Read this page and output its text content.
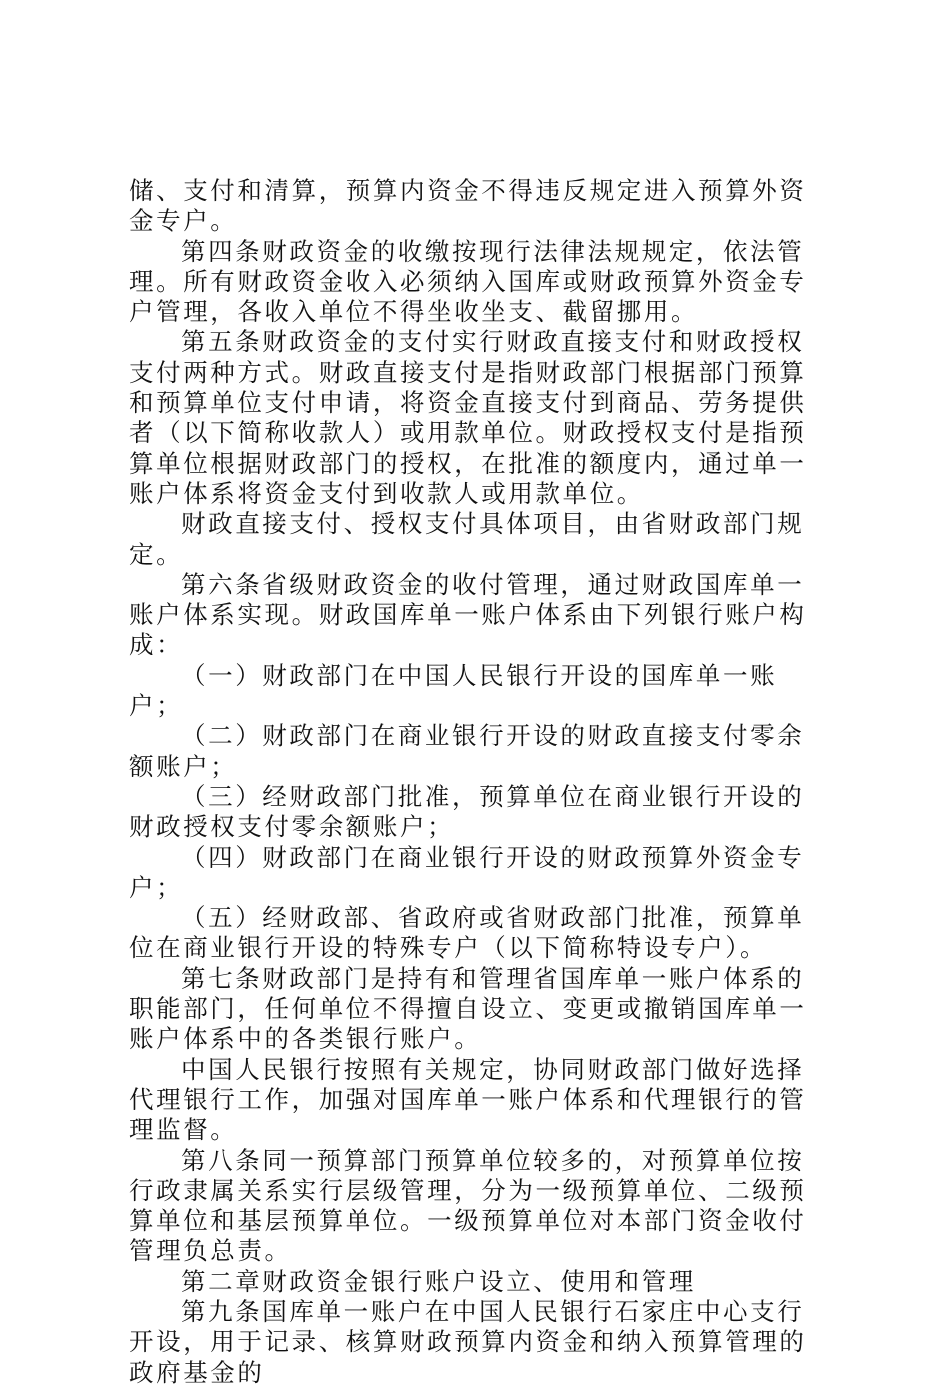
储、支付和清算，预算内资金不得违反规定进入预算外资金专户。

第四条财政资金的收缴按现行法律法规规定，依法管理。所有财政资金收入必须纳入国库或财政预算外资金专户管理，各收入单位不得坐收坐支、截留挪用。

第五条财政资金的支付实行财政直接支付和财政授权支付两种方式。财政直接支付是指财政部门根据部门预算和预算单位支付申请，将资金直接支付到商品、劳务提供者（以下简称收款人）或用款单位。财政授权支付是指预算单位根据财政部门的授权，在批准的额度内，通过单一账户体系将资金支付到收款人或用款单位。

财政直接支付、授权支付具体项目，由省财政部门规定。

第六条省级财政资金的收付管理，通过财政国库单一账户体系实现。财政国库单一账户体系由下列银行账户构成：

（一）财政部门在中国人民银行开设的国库单一账户；

（二）财政部门在商业银行开设的财政直接支付零余额账户；

（三）经财政部门批准，预算单位在商业银行开设的财政授权支付零余额账户；

（四）财政部门在商业银行开设的财政预算外资金专户；

（五）经财政部、省政府或省财政部门批准，预算单位在商业银行开设的特殊专户（以下简称特设专户）。

第七条财政部门是持有和管理省国库单一账户体系的职能部门，任何单位不得擅自设立、变更或撤销国库单一账户体系中的各类银行账户。

中国人民银行按照有关规定，协同财政部门做好选择代理银行工作，加强对国库单一账户体系和代理银行的管理监督。

第八条同一预算部门预算单位较多的，对预算单位按行政隶属关系实行层级管理，分为一级预算单位、二级预算单位和基层预算单位。一级预算单位对本部门资金收付管理负总责。

第二章财政资金银行账户设立、使用和管理

第九条国库单一账户在中国人民银行石家庄中心支行开设，用于记录、核算财政预算内资金和纳入预算管理的政府基金的
